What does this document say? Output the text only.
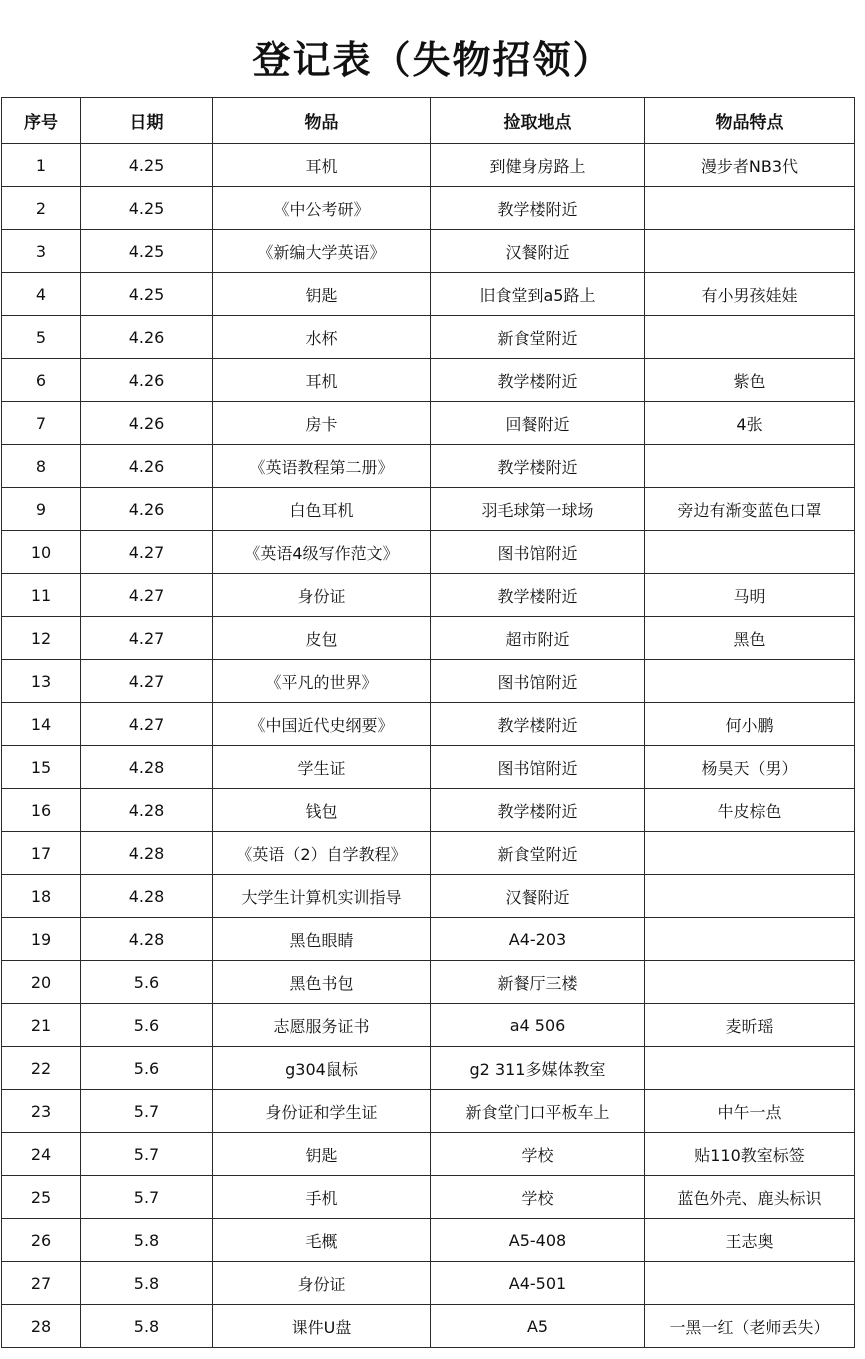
登记表（失物招领）
序号	日期	物品	捡取地点	物品特点
1	4.25	耳机	到健身房路上	漫步者NB3代
2	4.25	《中公考研》	教学楼附近	
3	4.25	《新编大学英语》	汉餐附近	
4	4.25	钥匙	旧食堂到a5路上	有小男孩娃娃
5	4.26	水杯	新食堂附近	
6	4.26	耳机	教学楼附近	紫色
7	4.26	房卡	回餐附近	4张
8	4.26	《英语教程第二册》	教学楼附近	
9	4.26	白色耳机	羽毛球第一球场	旁边有渐变蓝色口罩
10	4.27	《英语4级写作范文》	图书馆附近	
11	4.27	身份证	教学楼附近	马明
12	4.27	皮包	超市附近	黑色
13	4.27	《平凡的世界》	图书馆附近	
14	4.27	《中国近代史纲要》	教学楼附近	何小鹏
15	4.28	学生证	图书馆附近	杨昊天（男）
16	4.28	钱包	教学楼附近	牛皮棕色
17	4.28	《英语（2）自学教程》	新食堂附近	
18	4.28	大学生计算机实训指导	汉餐附近	
19	4.28	黑色眼睛	A4-203	
20	5.6	黑色书包	新餐厅三楼	
21	5.6	志愿服务证书	a4 506	麦昕瑶
22	5.6	g304鼠标	g2 311多媒体教室	
23	5.7	身份证和学生证	新食堂门口平板车上	中午一点
24	5.7	钥匙	学校	贴110教室标签
25	5.7	手机	学校	蓝色外壳、鹿头标识
26	5.8	毛概	A5-408	王志奥
27	5.8	身份证	A4-501	
28	5.8	课件U盘	A5	一黑一红（老师丢失）
